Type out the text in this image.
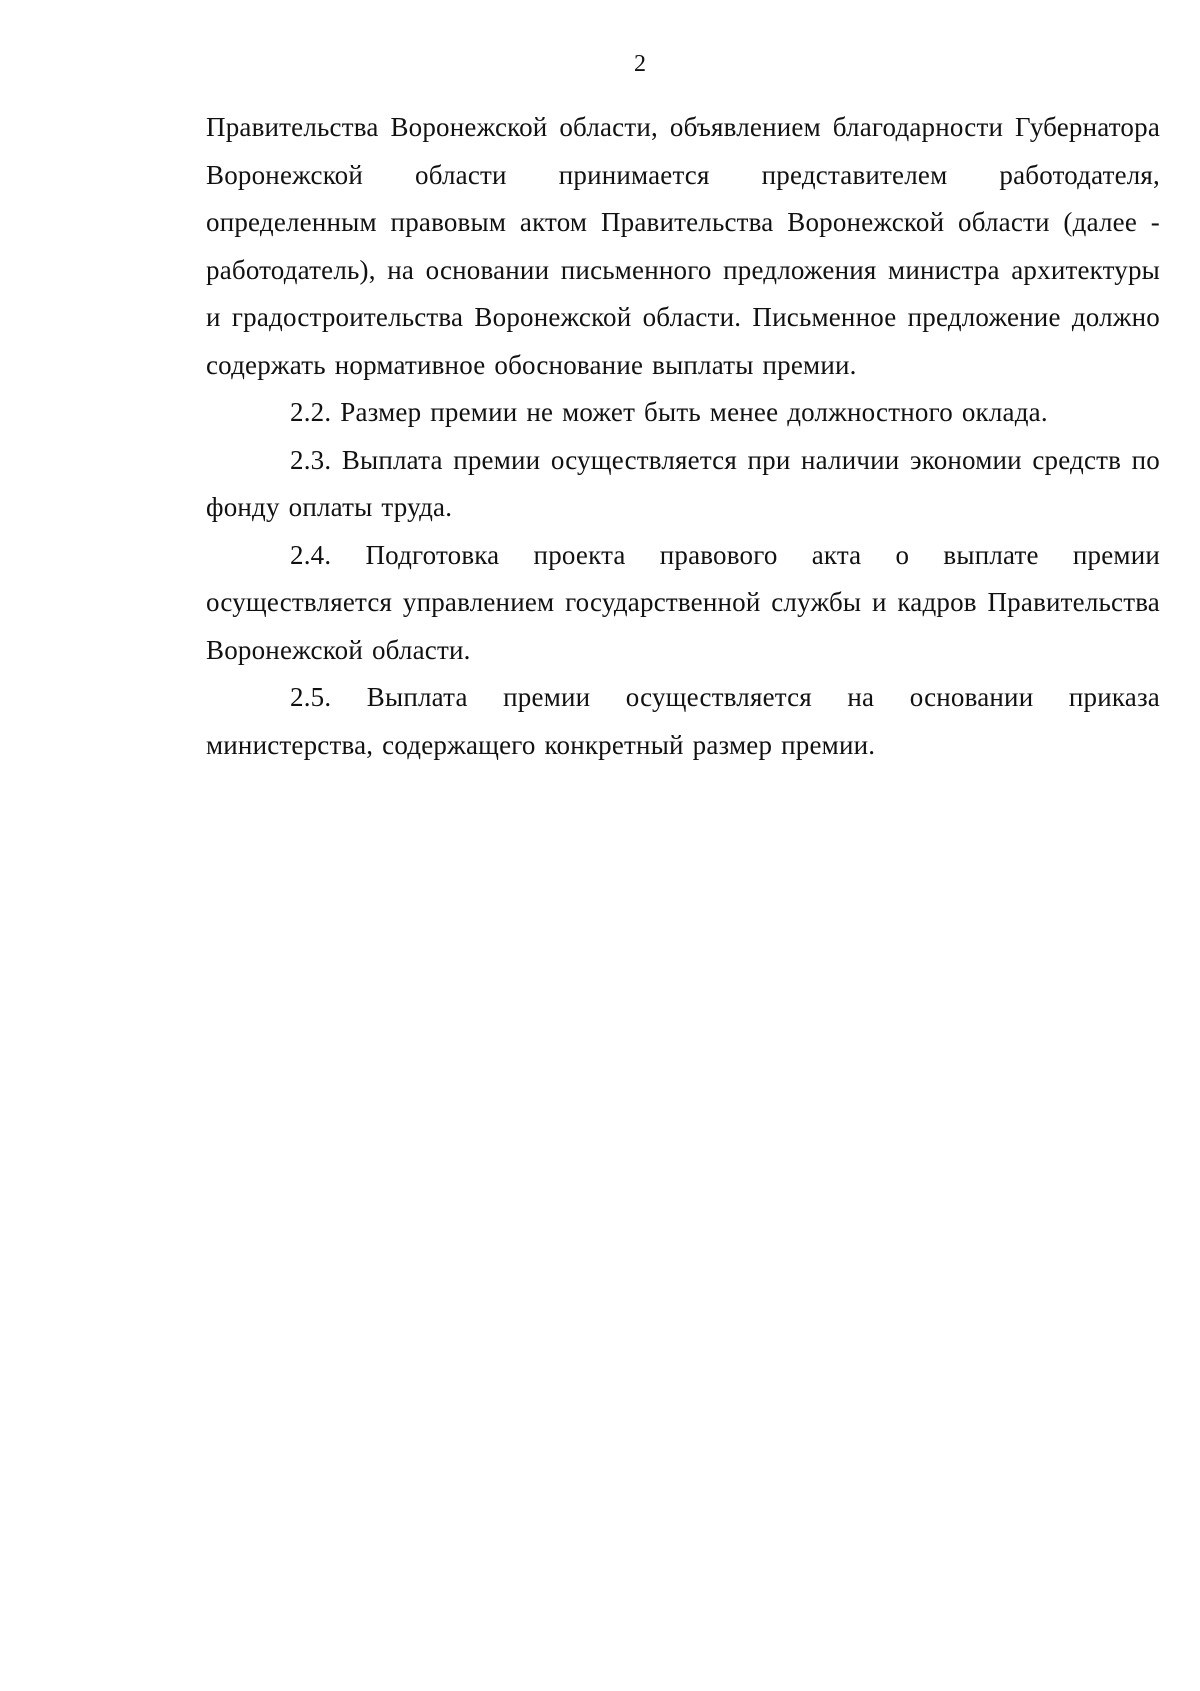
2

Правительства Воронежской области, объявлением благодарности Губернатора Воронежской области принимается представителем работодателя, определенным правовым актом Правительства Воронежской области (далее - работодатель), на основании письменного предложения министра архитектуры и градостроительства Воронежской области. Письменное предложение должно содержать нормативное обоснование выплаты премии.

2.2. Размер премии не может быть менее должностного оклада.

2.3. Выплата премии осуществляется при наличии экономии средств по фонду оплаты труда.

2.4. Подготовка проекта правового акта о выплате премии осуществляется управлением государственной службы и кадров Правительства Воронежской области.

2.5. Выплата премии осуществляется на основании приказа министерства, содержащего конкретный размер премии.
